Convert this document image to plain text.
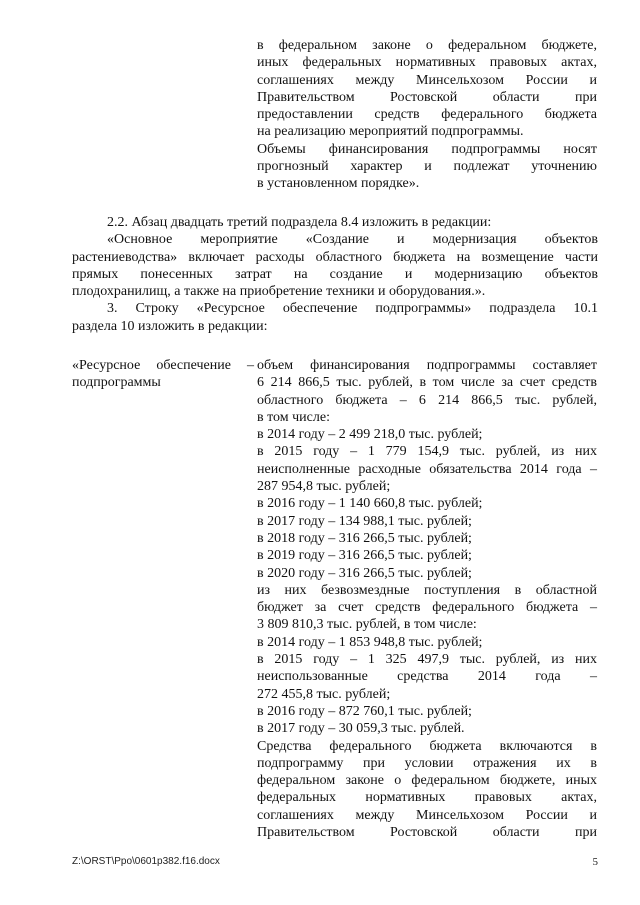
в федеральном законе о федеральном бюджете,
иных федеральных нормативных правовых актах,
соглашениях между Минсельхозом России и
Правительством Ростовской области при
предоставлении средств федерального бюджета
на реализацию мероприятий подпрограммы.
Объемы финансирования подпрограммы носят
прогнозный характер и подлежат уточнению
в установленном порядке».
2.2. Абзац двадцать третий подраздела 8.4 изложить в редакции:
«Основное мероприятие «Создание и модернизация объектов
растениеводства» включает расходы областного бюджета на возмещение части
прямых понесенных затрат на создание и модернизацию объектов
плодохранилищ, а также на приобретение техники и оборудования.».
3. Строку «Ресурсное обеспечение подпрограммы» подраздела 10.1
раздела 10 изложить в редакции:
«Ресурсное обеспечение –
подпрограммы
объем финансирования подпрограммы составляет
6 214 866,5 тыс. рублей, в том числе за счет средств
областного бюджета – 6 214 866,5 тыс. рублей,
в том числе:
в 2014 году – 2 499 218,0 тыс. рублей;
в 2015 году – 1 779 154,9 тыс. рублей, из них
неисполненные расходные обязательства 2014 года –
287 954,8 тыс. рублей;
в 2016 году – 1 140 660,8 тыс. рублей;
в 2017 году – 134 988,1 тыс. рублей;
в 2018 году – 316 266,5 тыс. рублей;
в 2019 году – 316 266,5 тыс. рублей;
в 2020 году – 316 266,5 тыс. рублей;
из них безвозмездные поступления в областной
бюджет за счет средств федерального бюджета –
3 809 810,3 тыс. рублей, в том числе:
в 2014 году – 1 853 948,8 тыс. рублей;
в 2015 году – 1 325 497,9 тыс. рублей, из них
неиспользованные средства 2014 года –
272 455,8 тыс. рублей;
в 2016 году – 872 760,1 тыс. рублей;
в 2017 году – 30 059,3 тыс. рублей.
Средства федерального бюджета включаются в
подпрограмму при условии отражения их в
федеральном законе о федеральном бюджете, иных
федеральных нормативных правовых актах,
соглашениях между Минсельхозом России и
Правительством Ростовской области при
Z:\ORST\Ppo\0601p382.f16.docx	5
